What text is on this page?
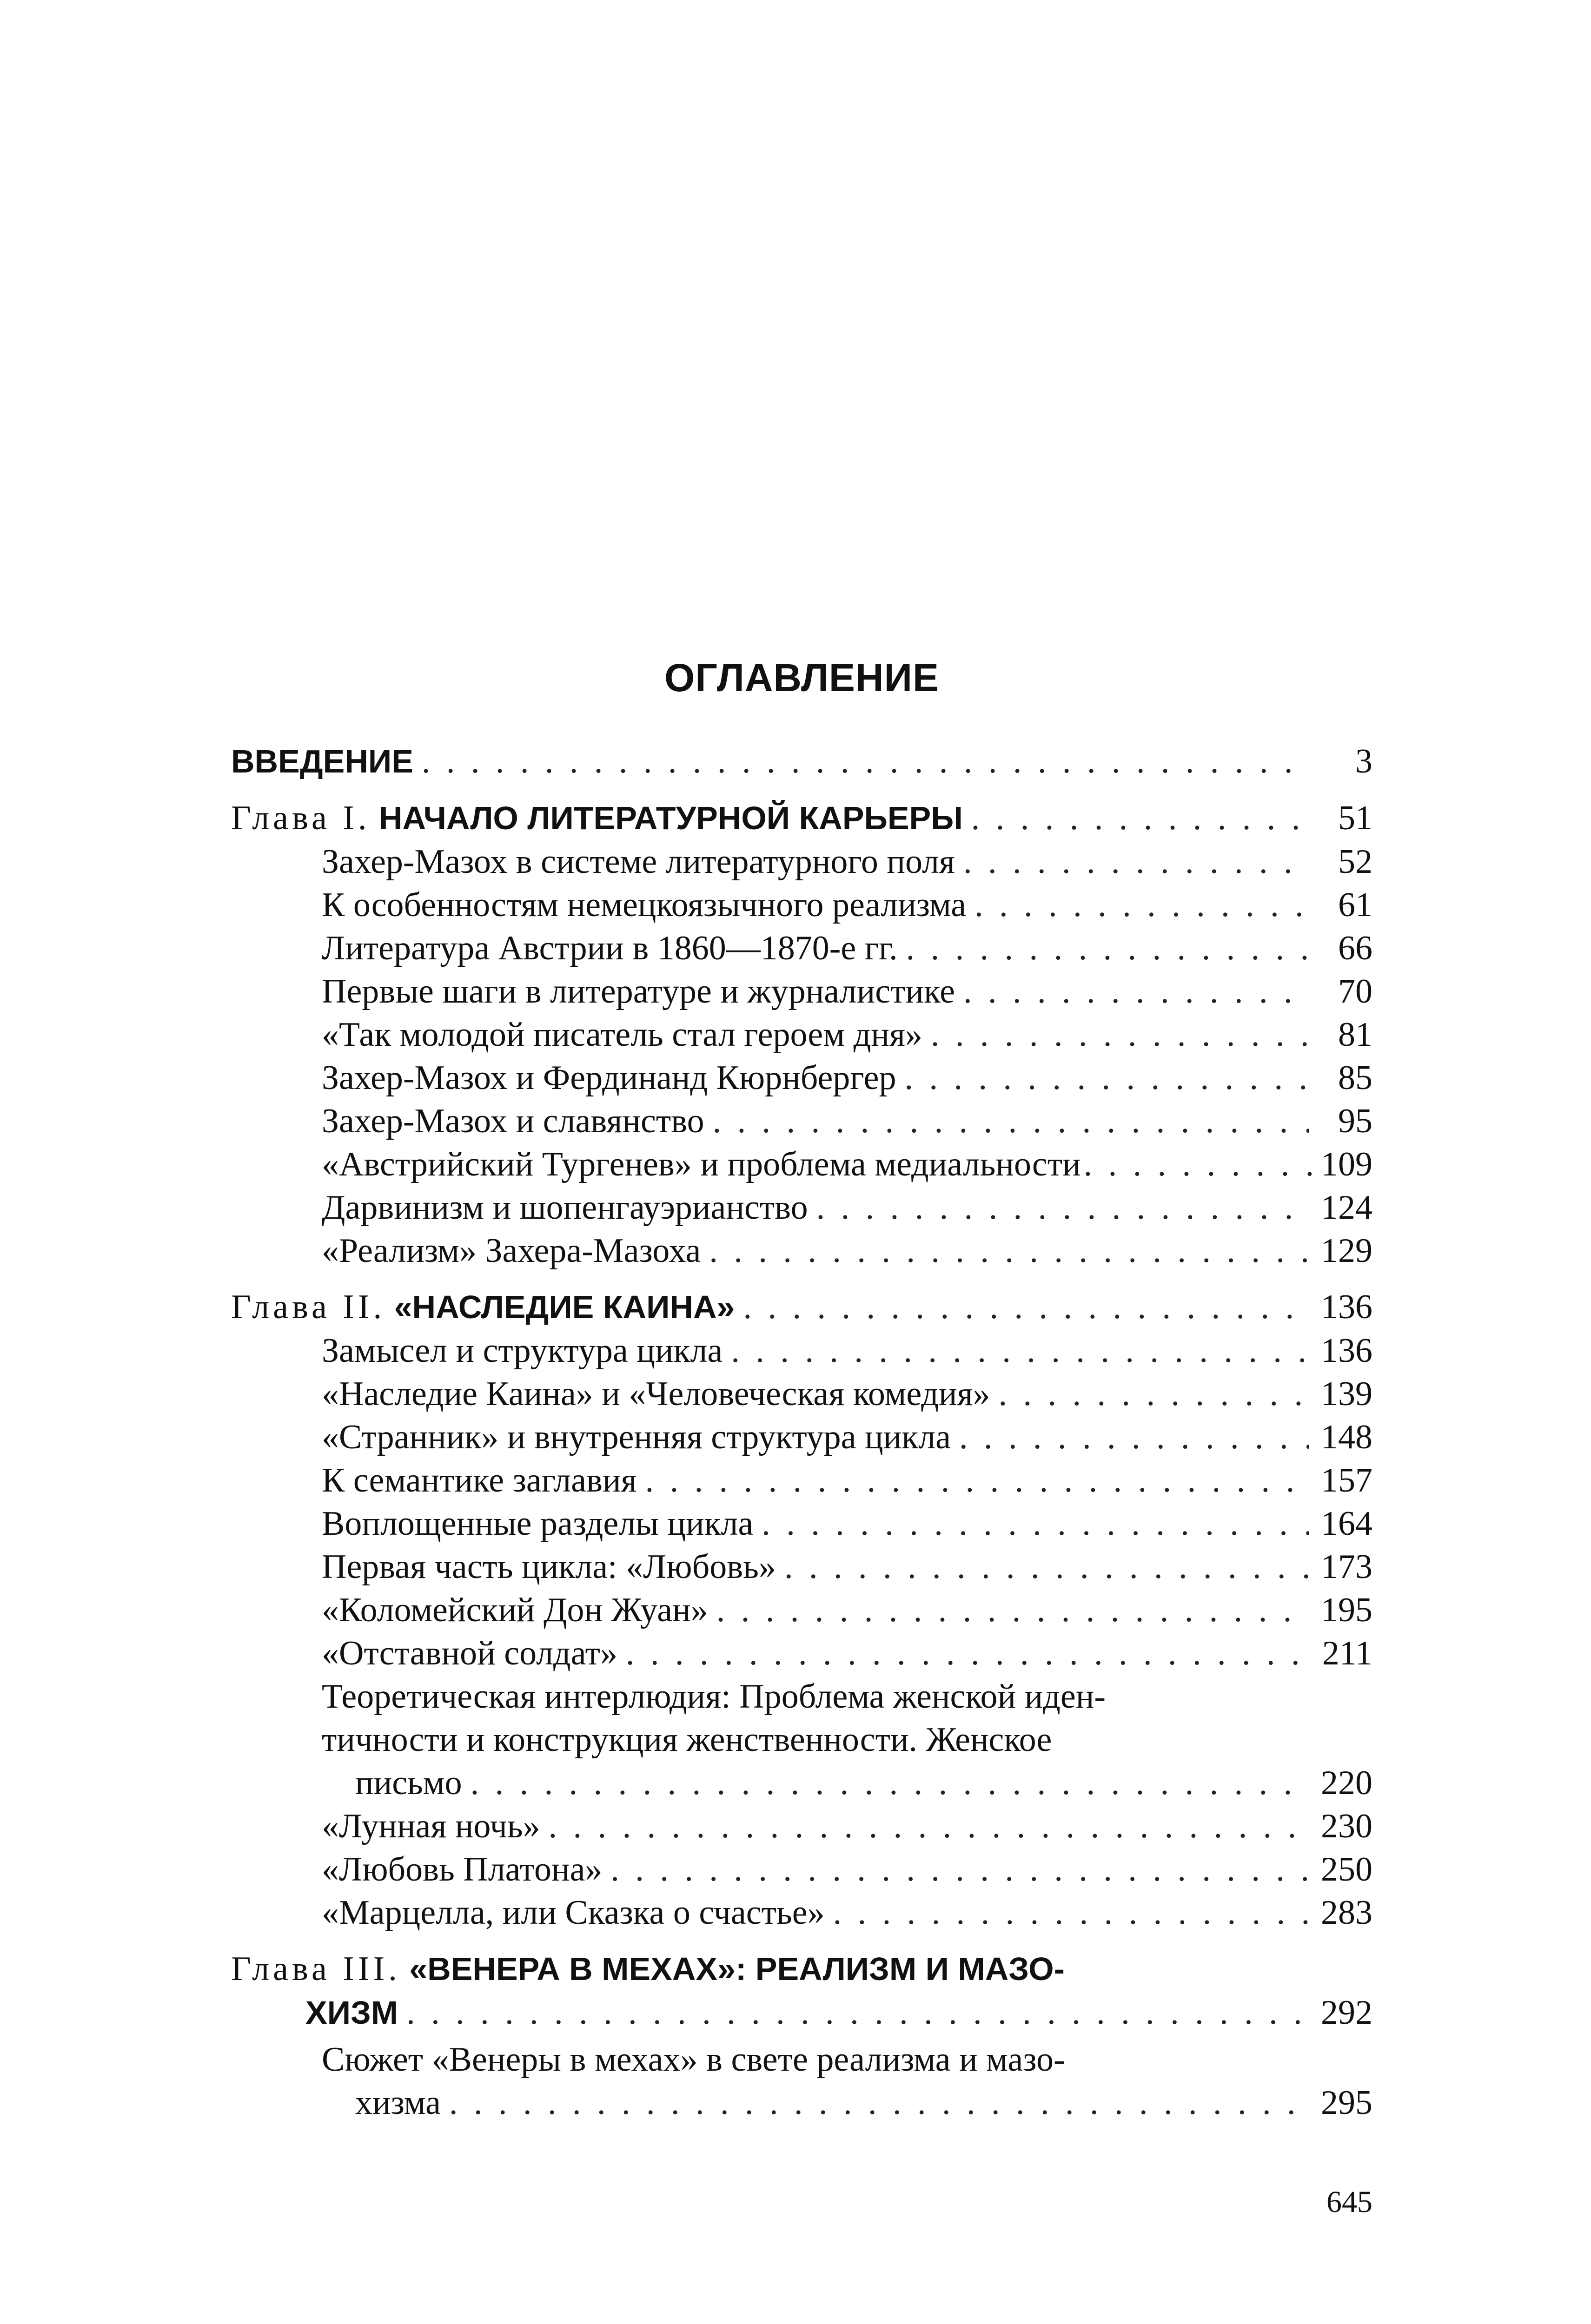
ОГЛАВЛЕНИЕ
ВВЕДЕНИЕ . . .	3
Глава I. НАЧАЛО ЛИТЕРАТУРНОЙ КАРЬЕРЫ . . .	51
Захер-Мазох в системе литературного поля . . .	52
К особенностям немецкоязычного реализма . . .	61
Литература Австрии в 1860—1870-е гг. . . .	66
Первые шаги в литературе и журналистике . . .	70
«Так молодой писатель стал героем дня» . . .	81
Захер-Мазох и Фердинанд Кюрнбергер . . .	85
Захер-Мазох и славянство . . .	95
«Австрийский Тургенев» и проблема медиальности . . .	109
Дарвинизм и шопенгауэрианство . . .	124
«Реализм» Захера-Мазоха . . .	129
Глава II. «НАСЛЕДИЕ КАИНА» . . .	136
Замысел и структура цикла . . .	136
«Наследие Каина» и «Человеческая комедия» . . .	139
«Странник» и внутренняя структура цикла . . .	148
К семантике заглавия . . .	157
Воплощенные разделы цикла . . .	164
Первая часть цикла: «Любовь» . . .	173
«Коломейский Дон Жуан» . . .	195
«Отставной солдат» . . .	211
Теоретическая интерлюдия: Проблема женской иден-
тичности и конструкция женственности. Женское
письмо . . .	220
«Лунная ночь» . . .	230
«Любовь Платона» . . .	250
«Марцелла, или Сказка о счастье» . . .	283
Глава III. «ВЕНЕРА В МЕХАХ»: РЕАЛИЗМ И МАЗО-
ХИЗМ . . .	292
Сюжет «Венеры в мехах» в свете реализма и мазо-
хизма . . .	295
645
